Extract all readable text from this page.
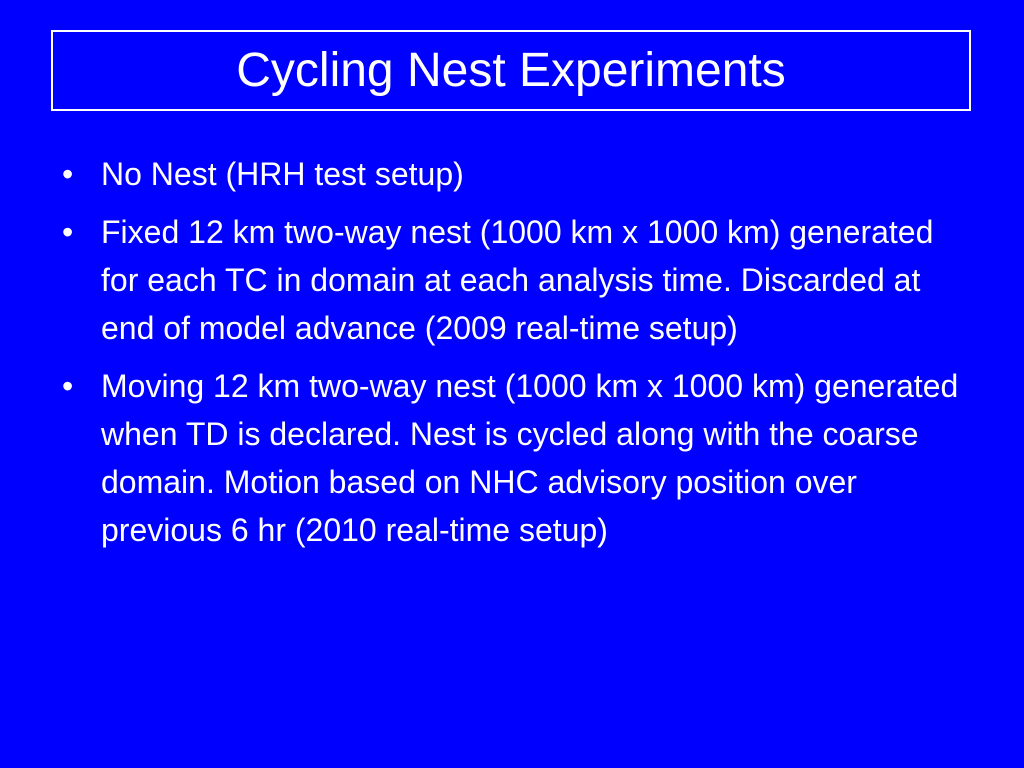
Cycling Nest Experiments
• No Nest (HRH test setup)
• Fixed 12 km two-way nest (1000 km x 1000 km) generated for each TC in domain at each analysis time. Discarded at end of model advance (2009 real-time setup)
• Moving 12 km two-way nest (1000 km x 1000 km) generated when TD is declared. Nest is cycled along with the coarse domain. Motion based on NHC advisory position over previous 6 hr (2010 real-time setup)
